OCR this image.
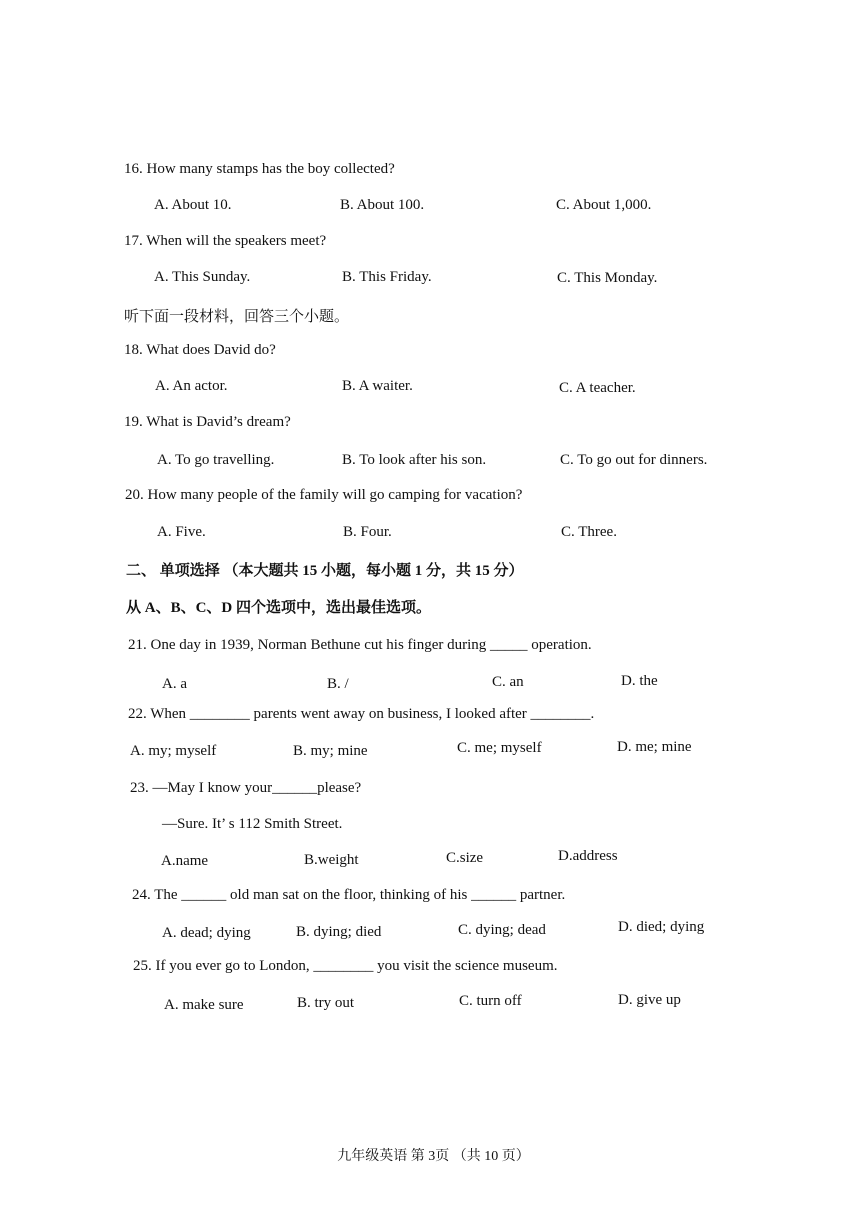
16. How many stamps has the boy collected?
A. About 10.	B. About 100.	C. About 1,000.
17. When will the speakers meet?
A. This Sunday.	B. This Friday.	C. This Monday.
听下面一段材料，回答三个小题。
18. What does David do?
A. An actor.	B. A waiter.	C. A teacher.
19. What is David’s dream?
A. To go travelling.	B. To look after his son.	C. To go out for dinners.
20. How many people of the family will go camping for vacation?
A. Five.	B. Four.	C. Three.
二、 单项选择 （本大题共 15 小题，每小题 1 分，共 15 分）
从 A、B、C、D 四个选项中，选出最佳选项。
21. One day in 1939, Norman Bethune cut his finger during _____ operation.
A. a	B. /	C. an	D. the
22. When ________ parents went away on business, I looked after ________.
A. my; myself	B. my; mine	C. me; myself	D. me; mine
23. —May I know your______please?
—Sure. It’ s 112 Smith Street.
A.name	B.weight	C.size	D.address
24. The ______ old man sat on the floor, thinking of his ______ partner.
A. dead; dying	B. dying; died	C. dying; dead	D. died; dying
25. If you ever go to London, ________ you visit the science museum.
A. make sure	B. try out	C. turn off	D. give up
九年级英语 第 3页 （共 10 页）
